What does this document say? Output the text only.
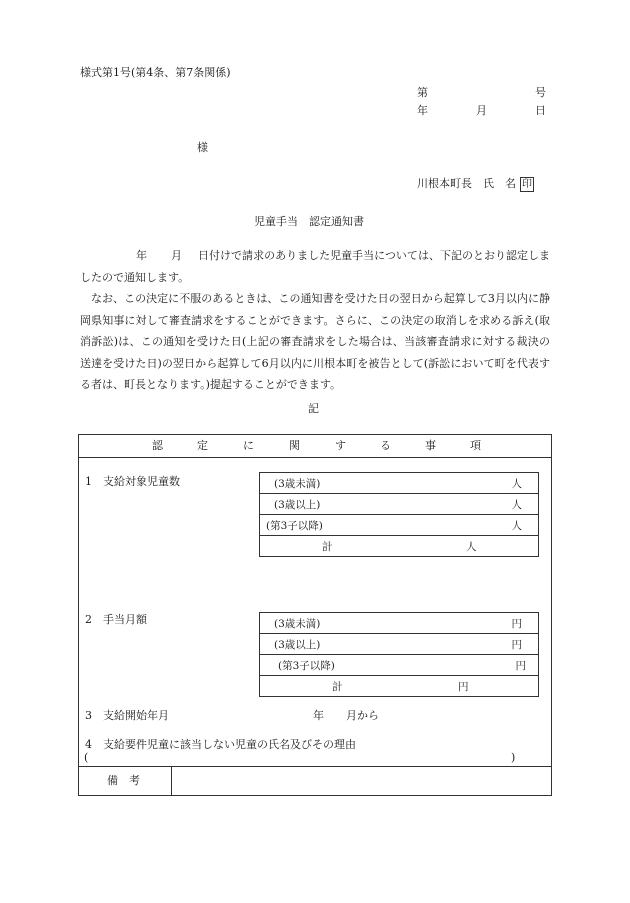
様式第1号(第4条、第7条関係)
第	号
年	月	日
様
川根本町長　氏　名 印
児童手当　認定通知書
年 月 日付けで請求のありました児童手当については、下記のとおり認定しましたので通知します。
なお、この決定に不服のあるときは、この通知書を受けた日の翌日から起算して3月以内に静岡県知事に対して審査請求をすることができます。さらに、この決定の取消しを求める訴え(取消訴訟)は、この通知を受けた日(上記の審査請求をした場合は、当該審査請求に対する裁決の送達を受けた日)の翌日から起算して6月以内に川根本町を被告として(訴訟において町を代表する者は、町長となります。)提起することができます。
記
認	定	に	関	す	る	事	項
1　支給対象児童数	(3歳未満)	人
(3歳以上)	人
(第3子以降)	人
計	人
2　手当月額	(3歳未満)	円
(3歳以上)	円
(第3子以降)	円
計	円
3　支給開始年月	年 月から
4　支給要件児童に該当しない児童の氏名及びその理由
(	)
備　考
